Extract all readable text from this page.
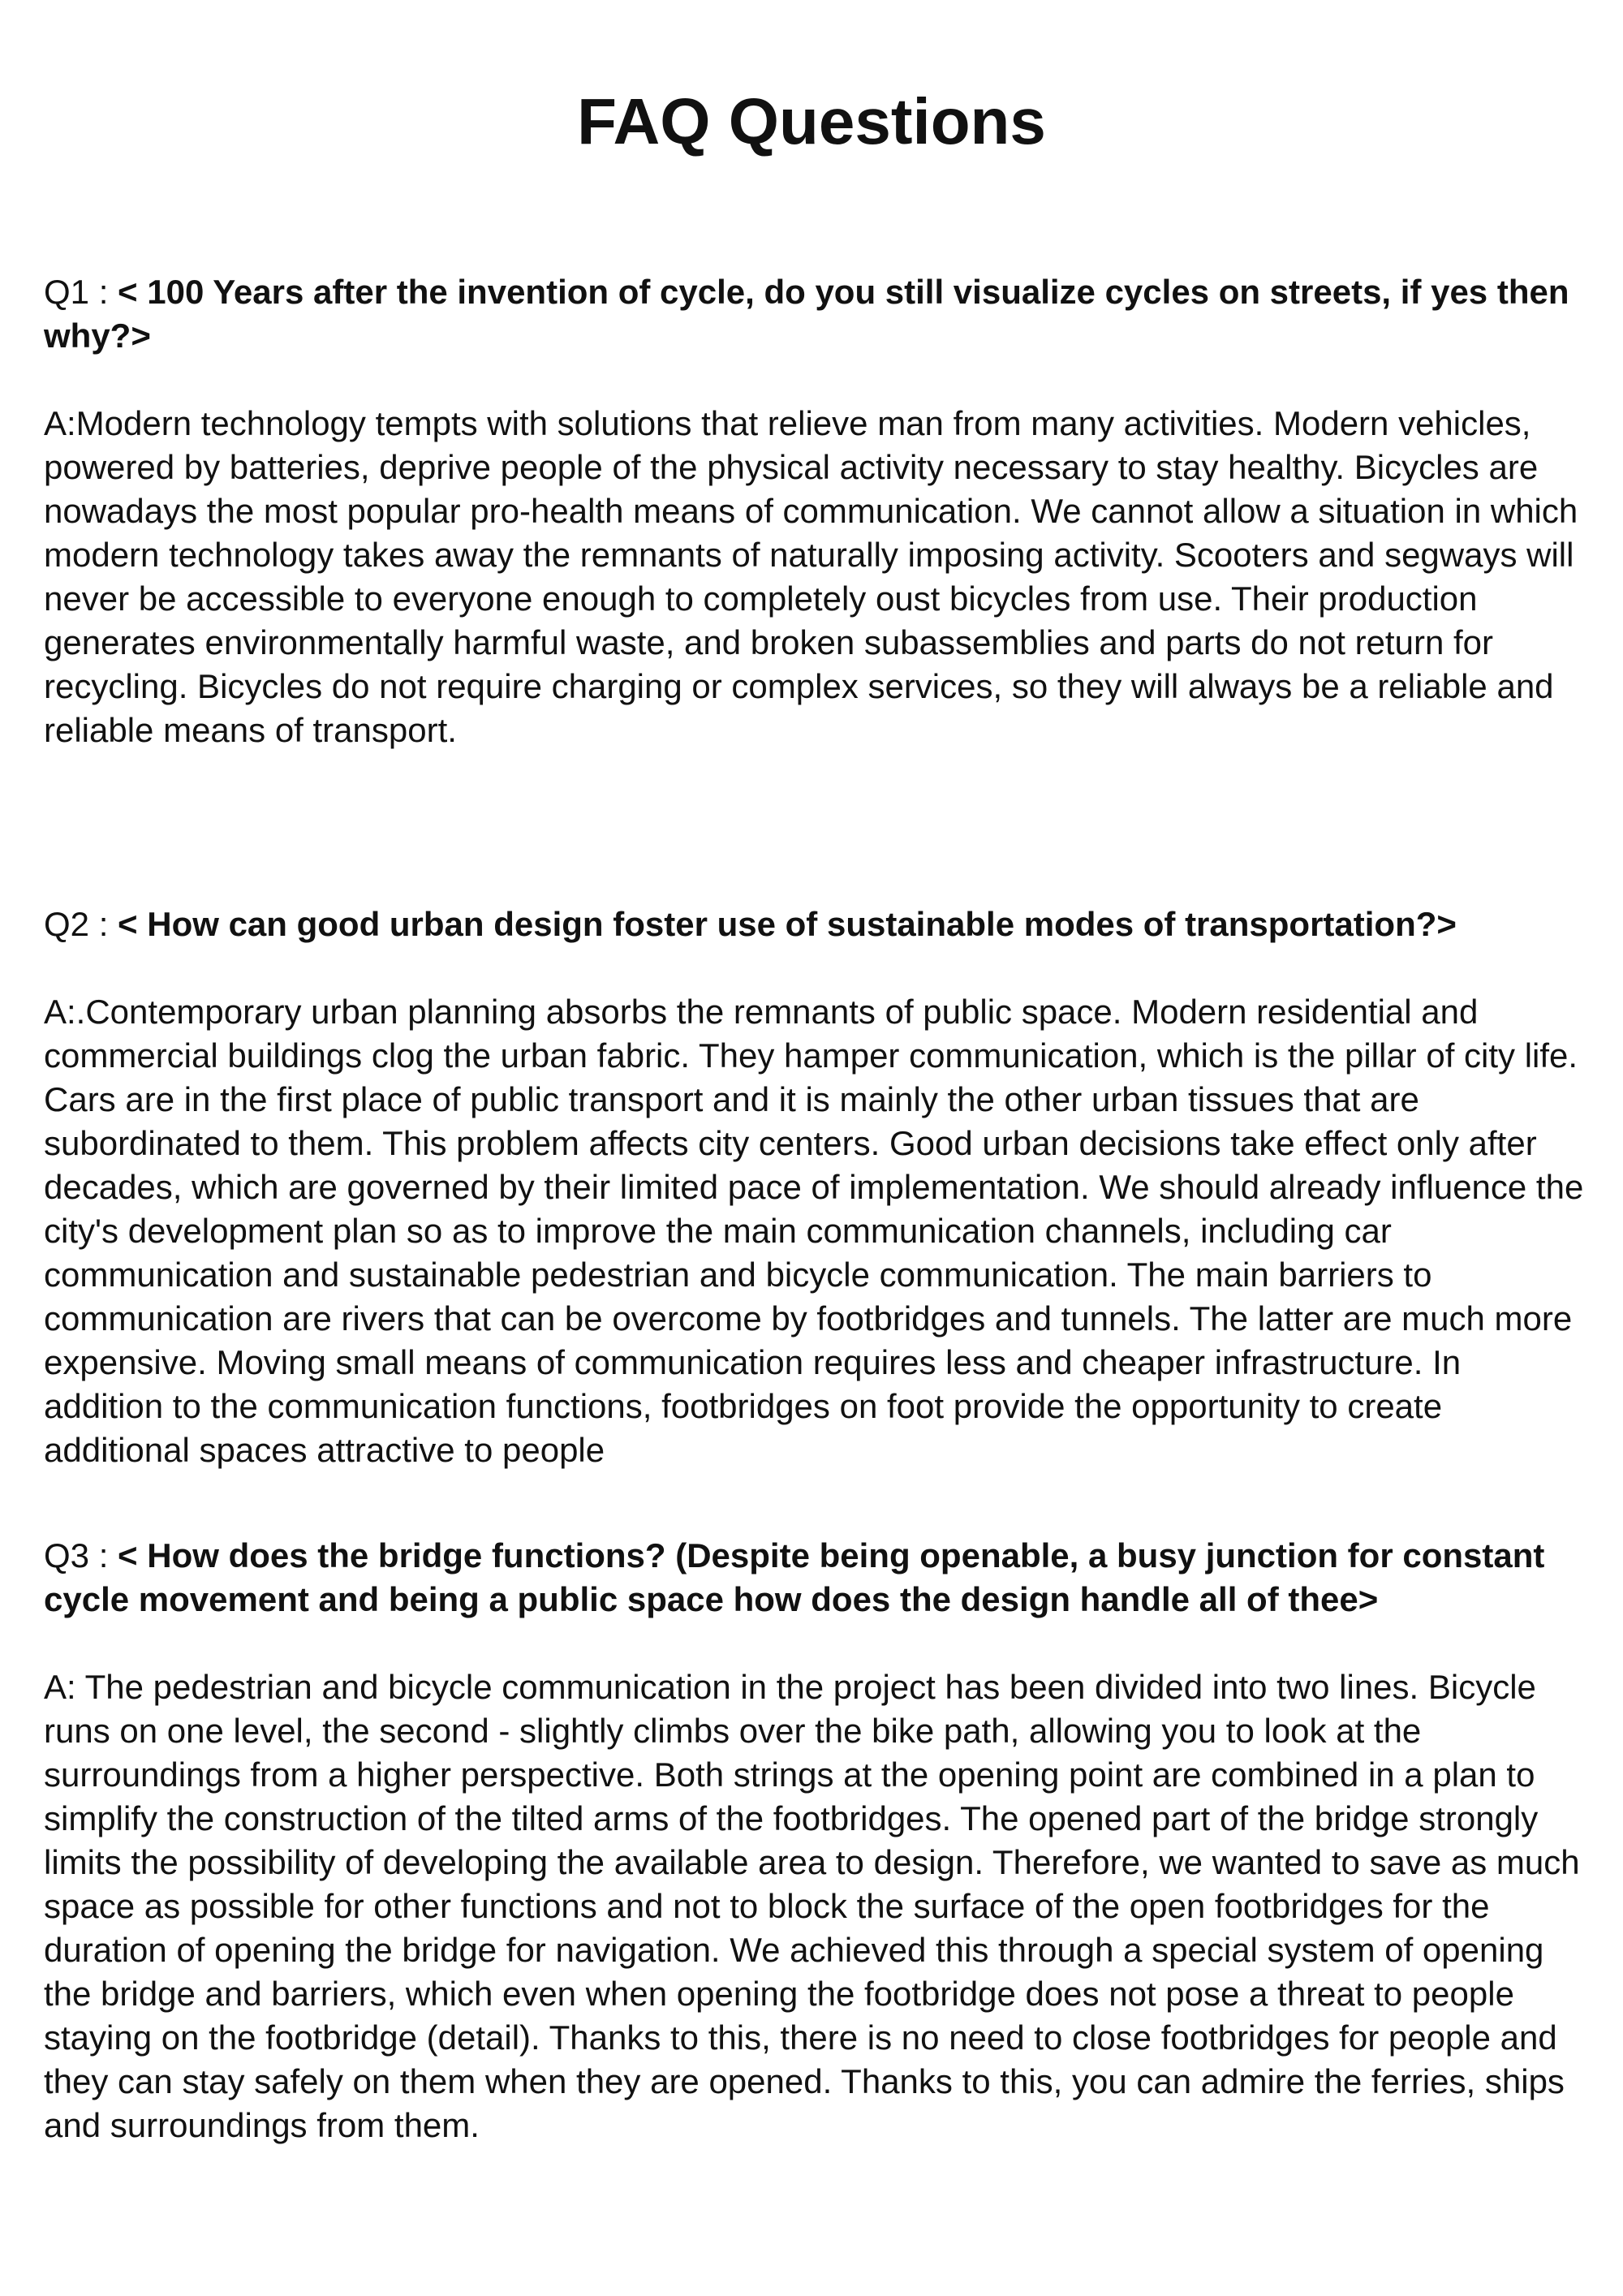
FAQ Questions

Q1 : < 100 Years after the invention of cycle, do you still visualize cycles on streets, if yes then why?>

A:Modern technology tempts with solutions that relieve man from many activities. Modern vehicles, powered by batteries, deprive people of the physical activity necessary to stay healthy. Bicycles are nowadays the most popular pro-health means of communication. We cannot allow a situation in which modern technology takes away the remnants of naturally imposing activity. Scooters and segways will never be accessible to everyone enough to completely oust bicycles from use. Their production generates environmentally harmful waste, and broken subassemblies and parts do not return for recycling. Bicycles do not require charging or complex services, so they will always be a reliable and reliable means of transport.

Q2 : < How can good urban design foster use of sustainable modes of transportation?>

A:.Contemporary urban planning absorbs the remnants of public space. Modern residential and commercial buildings clog the urban fabric. They hamper communication, which is the pillar of city life. Cars are in the first place of public transport and it is mainly the other urban tissues that are subordinated to them. This problem affects city centers. Good urban decisions take effect only after decades, which are governed by their limited pace of implementation. We should already influence the city's development plan so as to improve the main communication channels, including car communication and sustainable pedestrian and bicycle communication. The main barriers to communication are rivers that can be overcome by footbridges and tunnels. The latter are much more expensive. Moving small means of communication requires less and cheaper infrastructure. In addition to the communication functions, footbridges on foot provide the opportunity to create additional spaces attractive to people

Q3 : < How does the bridge functions? (Despite being openable, a busy junction for constant cycle movement and being a public space how does the design handle all of thee>

A: The pedestrian and bicycle communication in the project has been divided into two lines. Bicycle runs on one level, the second - slightly climbs over the bike path, allowing you to look at the surroundings from a higher perspective. Both strings at the opening point are combined in a plan to simplify the construction of the tilted arms of the footbridges. The opened part of the bridge strongly limits the possibility of developing the available area to design. Therefore, we wanted to save as much space as possible for other functions and not to block the surface of the open footbridges for the duration of opening the bridge for navigation. We achieved this through a special system of opening the bridge and barriers, which even when opening the footbridge does not pose a threat to people staying on the footbridge (detail). Thanks to this, there is no need to close footbridges for people and they can stay safely on them when they are opened. Thanks to this, you can admire the ferries, ships and surroundings from them.
